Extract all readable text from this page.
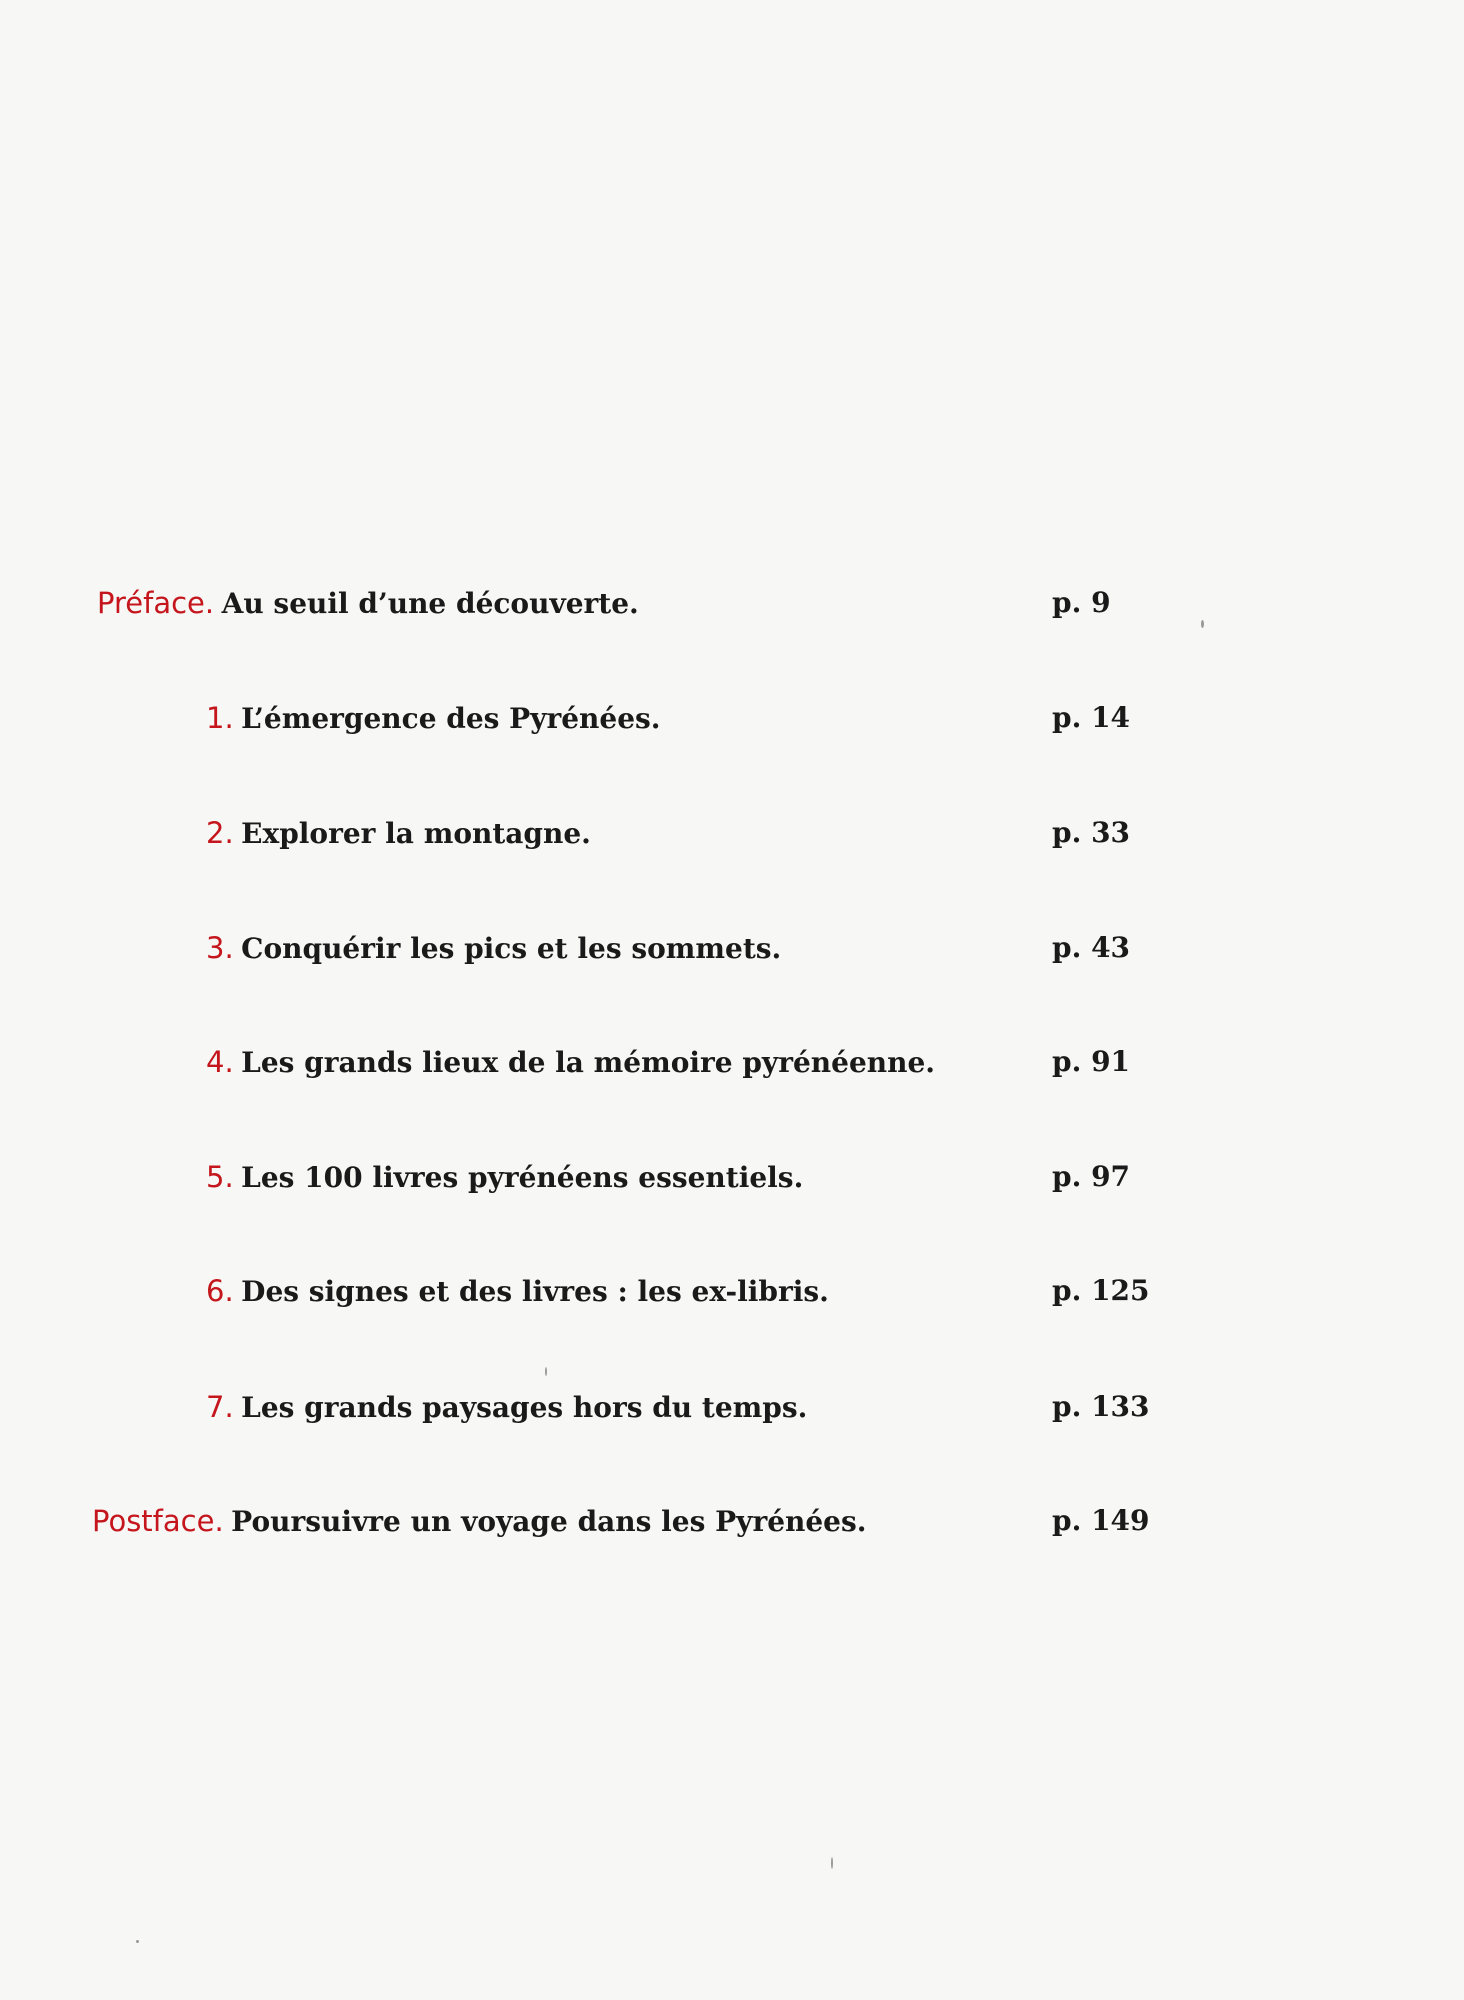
Préface. Au seuil d’une découverte.	p. 9
1. L’émergence des Pyrénées.	p. 14
2. Explorer la montagne.	p. 33
3. Conquérir les pics et les sommets.	p. 43
4. Les grands lieux de la mémoire pyrénéenne.	p. 91
5. Les 100 livres pyrénéens essentiels.	p. 97
6. Des signes et des livres : les ex-libris.	p. 125
7. Les grands paysages hors du temps.	p. 133
Postface. Poursuivre un voyage dans les Pyrénées.	p. 149
